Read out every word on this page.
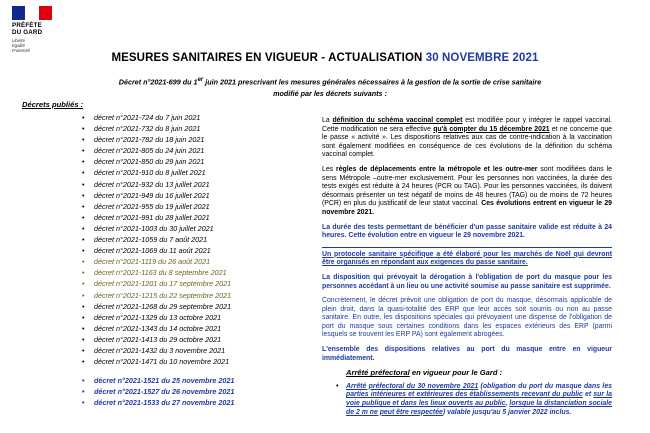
PRÉFÈTE
DU GARD
Liberté
Égalité
Fraternité
MESURES SANITAIRES EN VIGUEUR - ACTUALISATION 30 NOVEMBRE 2021
Décret n°2021-699 du 1er juin 2021 prescrivant les mesures générales nécessaires à la gestion de la sortie de crise sanitaire
modifié par les décrets suivants :
Décrets publiés :
• décret n°2021-724 du 7 juin 2021
• décret n°2021-732 du 8 juin 2021
• décret n°2021-782 du 18 juin 2021
• décret n°2021-805 du 24 juin 2021
• décret n°2021-850 du 29 juin 2021
• décret n°2021-910 du 8 juillet 2021
• décret n°2021-932 du 13 juillet 2021
• décret n°2021-949 du 16 juillet 2021
• décret n°2021-955 du 19 juillet 2021
• décret n°2021-991 du 28 juillet 2021
• décret n°2021-1003 du 30 juillet 2021
• décret n°2021-1059 du 7 août 2021
• décret n°2021-1069 du 11 août 2021
• décret n°2021-1119 du 26 août 2021
• décret n°2021-1163 du 8 septembre 2021
• décret n°2021-1201 du 17 septembre 2021
• décret n°2021-1215 du 22 septembre 2021
• décret n°2021-1268 du 29 septembre 2021
• décret n°2021-1329 du 13 octobre 2021
• décret n°2021-1343 du 14 octobre 2021
• décret n°2021-1413 du 29 octobre 2021
• décret n°2021-1432 du 3 novembre 2021
• décret n°2021-1471 du 10 novembre 2021
• décret n°2021-1521 du 25 novembre 2021
• décret n°2021-1527 du 26 novembre 2021
• décret n°2021-1533 du 27 novembre 2021

La définition du schéma vaccinal complet est modifiée pour y intégrer le rappel vaccinal. Cette modification ne sera effective qu'à compter du 15 décembre 2021 et ne concerne que le passe « activité ». Les dispositions relatives aux cas de contre-indication à la vaccination sont également modifiées en conséquence de ces évolutions de la définition du schéma vaccinal complet.

Les règles de déplacements entre la métropole et les outre-mer sont modifiées dans le sens Métropole –outre-mer exclusivement. Pour les personnes non vaccinées, la durée des tests exigés est réduite à 24 heures (PCR ou TAG). Pour les personnes vaccinées, ils doivent désormais présenter un test négatif de moins de 48 heures (TAG) ou de moins de 72 heures (PCR) en plus du justificatif de leur statut vaccinal. Ces évolutions entrent en vigueur le 29 novembre 2021.

La durée des tests permettant de bénéficier d'un passe sanitaire valide est réduite à 24 heures. Cette évolution entre en vigueur le 29 novembre 2021.

Un protocole sanitaire spécifique a été élaboré pour les marchés de Noël qui devront être organisés en répondant aux exigences du passe sanitaire.

La disposition qui prévoyait la dérogation à l'obligation de port du masque pour les personnes accédant à un lieu ou une activité soumise au passe sanitaire est supprimée.

Concrètement, le décret prévoit une obligation de port du masque, désormais applicable de plein droit, dans la quasi-totalité des ERP que leur accès soit soumis ou non au passe sanitaire. En outre, les dispositions spéciales qui prévoyaient une dispense de l'obligation de port du masque sous certaines conditions dans les espaces extérieurs des ERP (parmi lesquels se trouvent les ERP PA) sont également abrogées.

L'ensemble des dispositions relatives au port du masque entre en vigueur immédiatement.

Arrêté préfectoral en vigueur pour le Gard :
• Arrêté préfectoral du 30 novembre 2021 (obligation du port du masque dans les parties intérieures et extérieures des établissements recevant du public et sur la voie publique et dans les lieux ouverts au public, lorsque la distanciation sociale de 2 m ne peut être respectée) valable jusqu'au 5 janvier 2022 inclus.
